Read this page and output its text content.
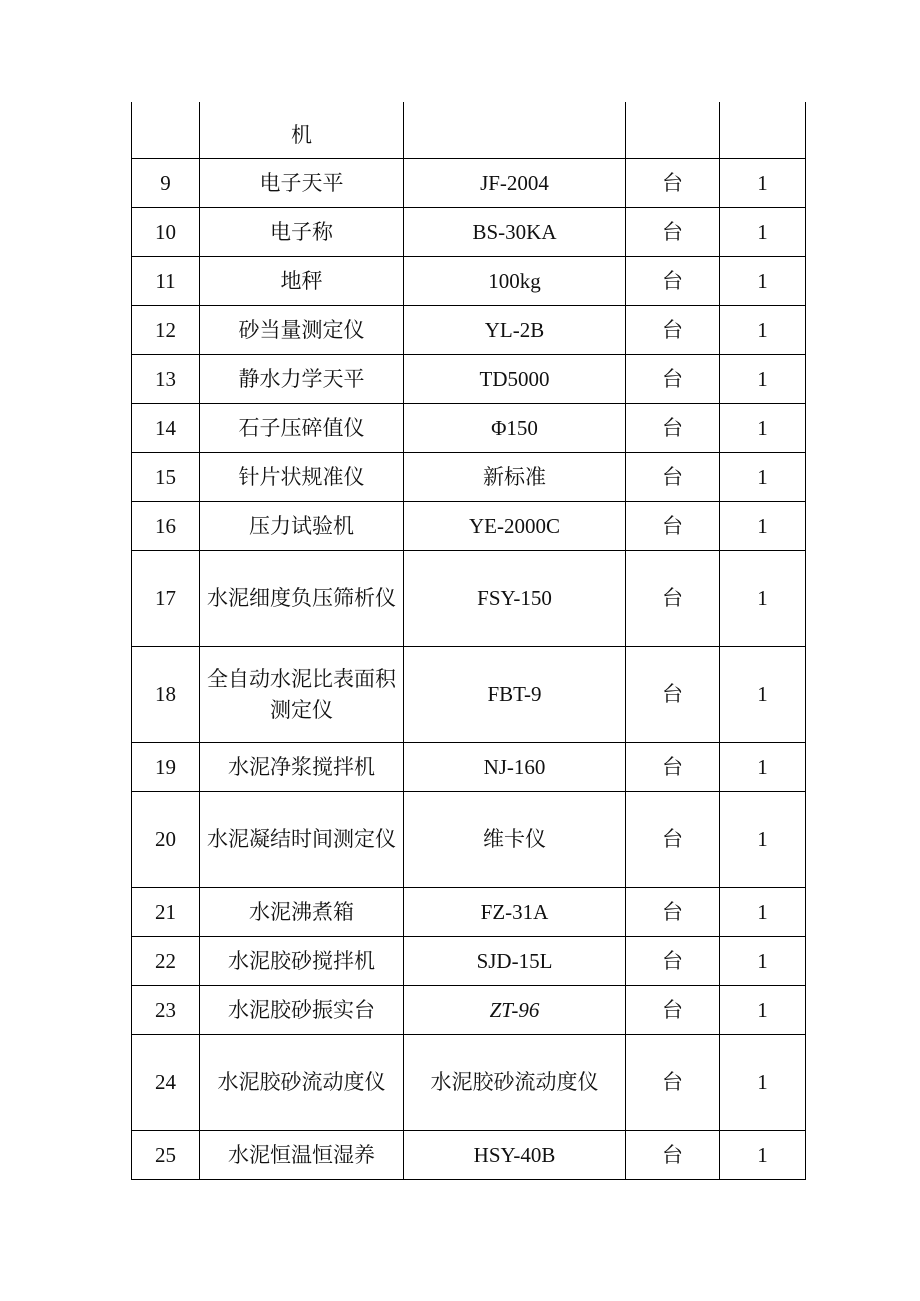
	机			
9	电子天平	JF-2004	台	1
10	电子称	BS-30KA	台	1
11	地秤	100kg	台	1
12	砂当量测定仪	YL-2B	台	1
13	静水力学天平	TD5000	台	1
14	石子压碎值仪	Φ150	台	1
15	针片状规准仪	新标准	台	1
16	压力试验机	YE-2000C	台	1
17	水泥细度负压筛析仪	FSY-150	台	1
18	全自动水泥比表面积测定仪	FBT-9	台	1
19	水泥净浆搅拌机	NJ-160	台	1
20	水泥凝结时间测定仪	维卡仪	台	1
21	水泥沸煮箱	FZ-31A	台	1
22	水泥胶砂搅拌机	SJD-15L	台	1
23	水泥胶砂振实台	ZT-96	台	1
24	水泥胶砂流动度仪	水泥胶砂流动度仪	台	1
25	水泥恒温恒湿养	HSY-40B	台	1
